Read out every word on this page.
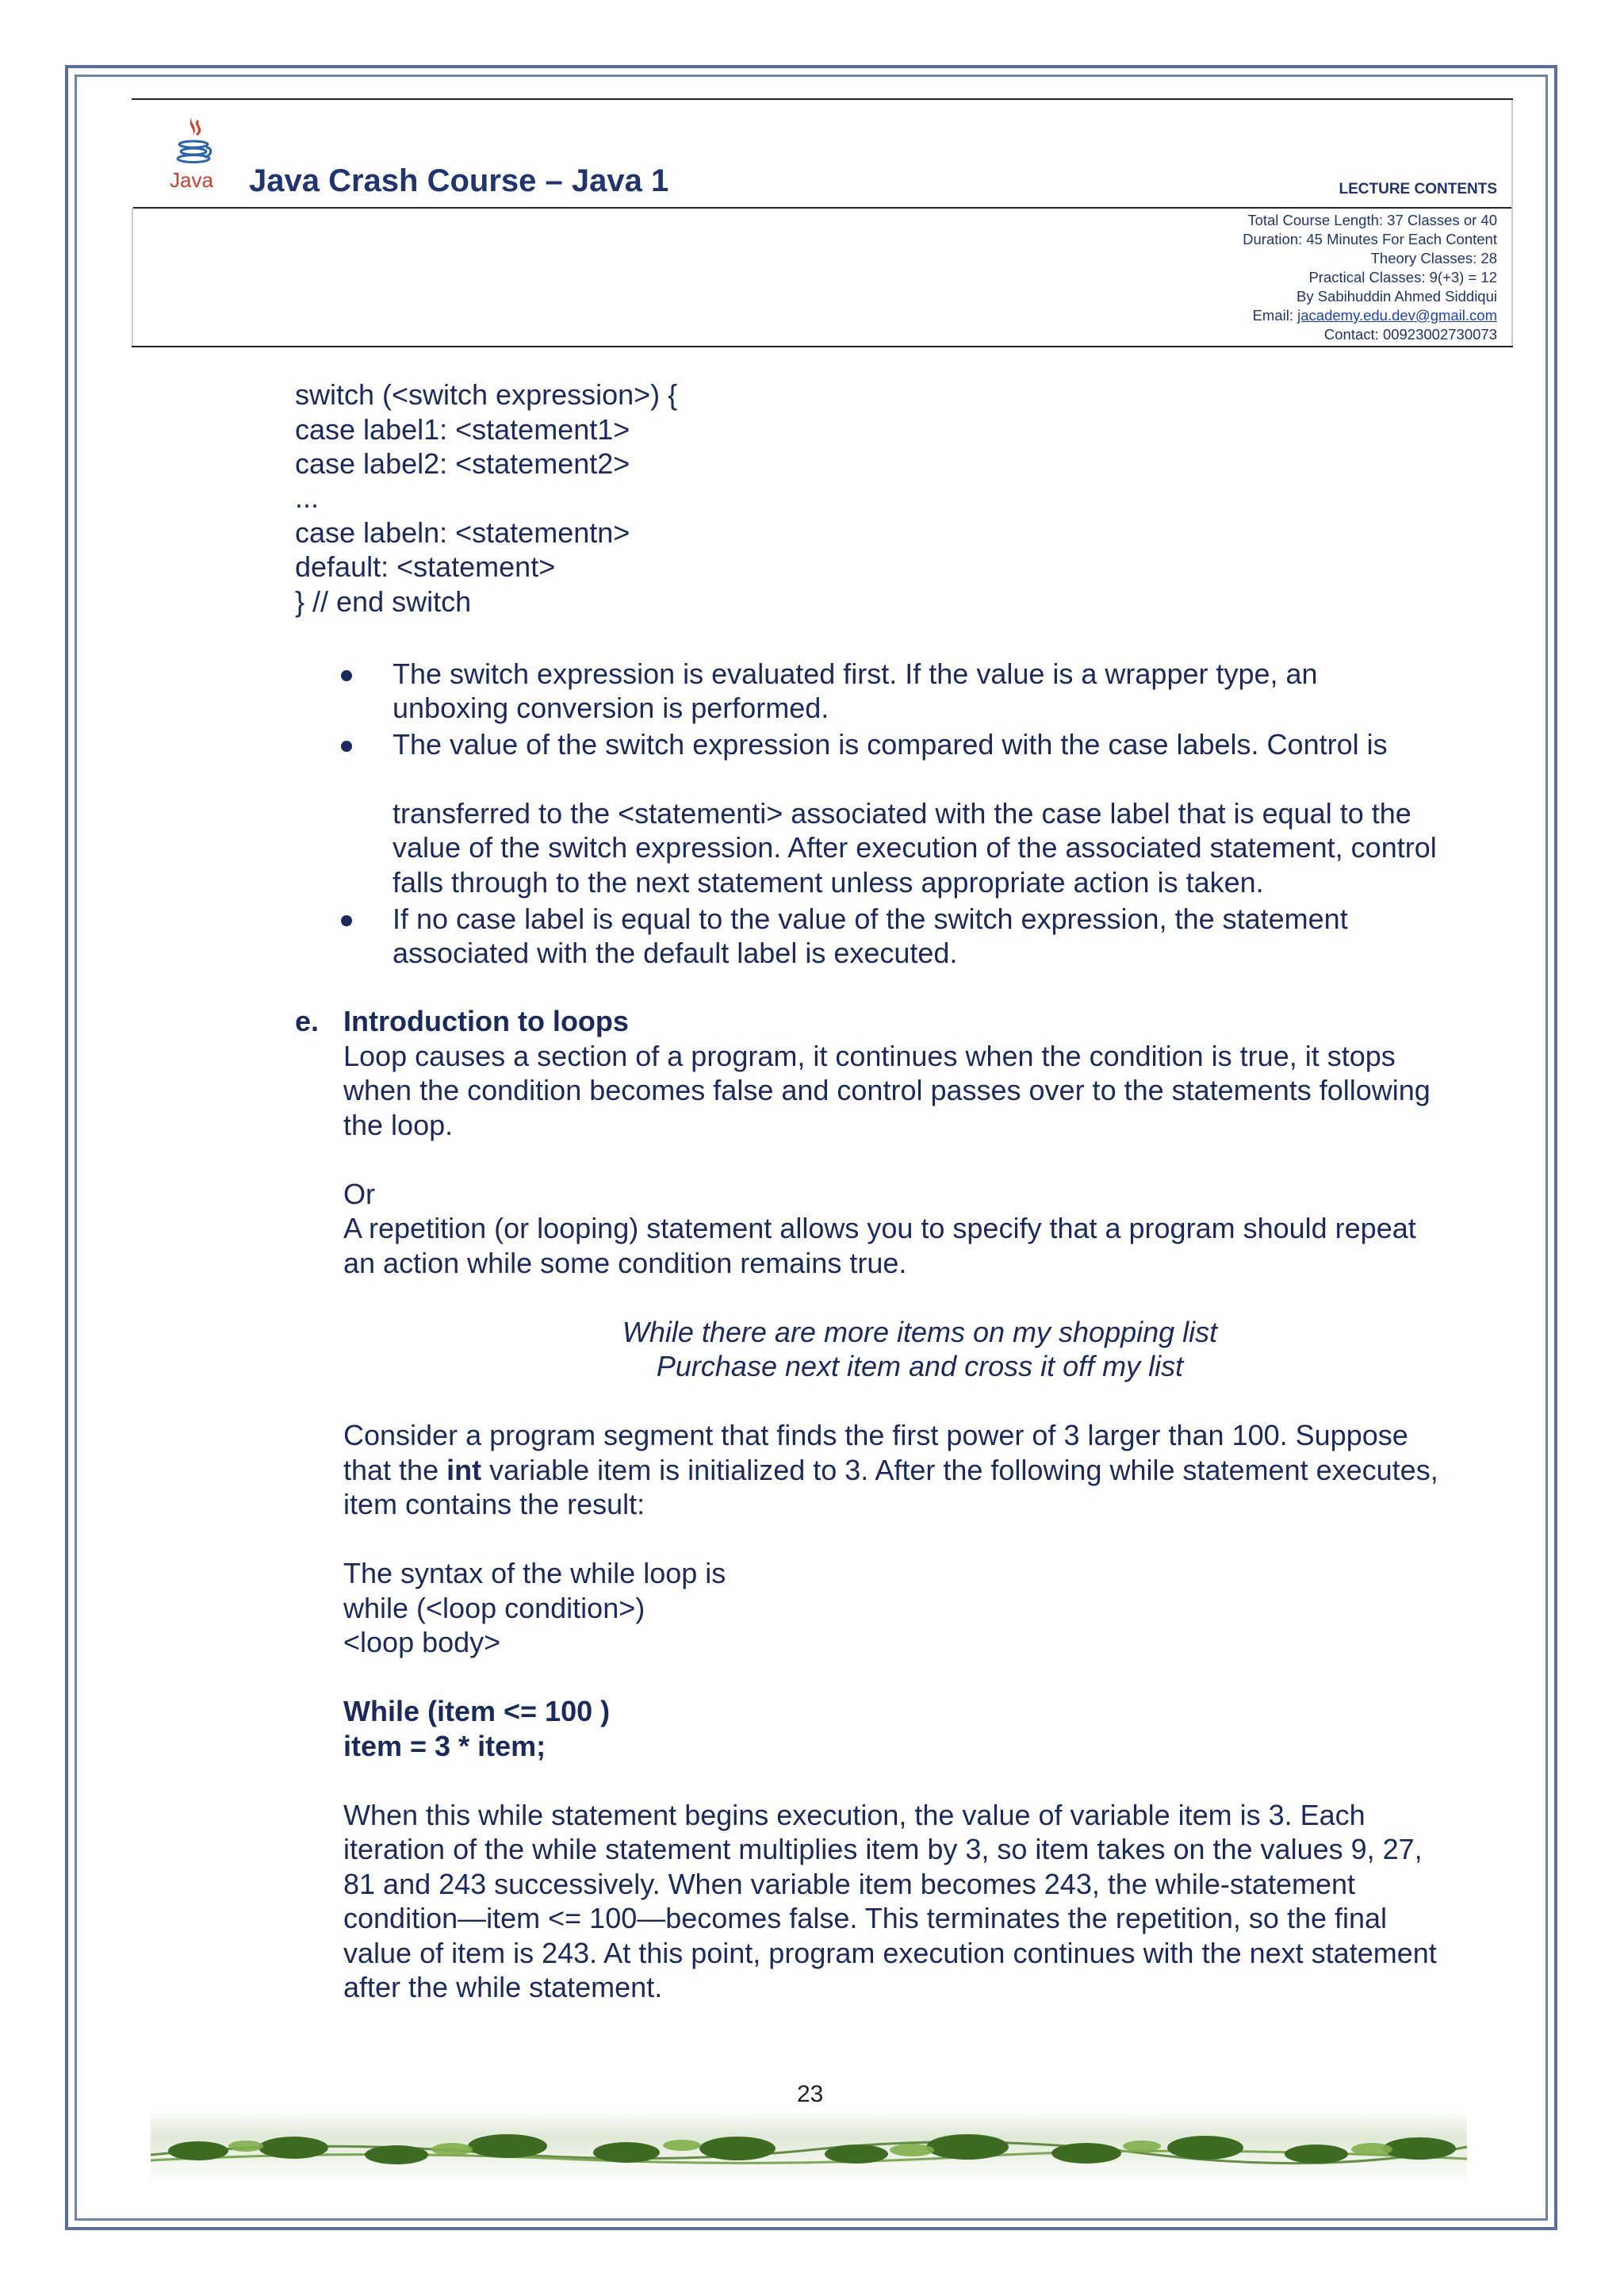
Java Java Crash Course – Java 1	LECTURE CONTENTS
Total Course Length: 37 Classes or 40
Duration: 45 Minutes For Each Content
Theory Classes: 28
Practical Classes: 9(+3) = 12
By Sabihuddin Ahmed Siddiqui
Email: jacademy.edu.dev@gmail.com
Contact: 00923002730073
switch (<switch expression>) {
case label1: <statement1>
case label2: <statement2>
...
case labeln: <statementn>
default: <statement>
} // end switch
The switch expression is evaluated first. If the value is a wrapper type, an
unboxing conversion is performed.
The value of the switch expression is compared with the case labels. Control is
transferred to the <statementi> associated with the case label that is equal to the
value of the switch expression. After execution of the associated statement, control
falls through to the next statement unless appropriate action is taken.
If no case label is equal to the value of the switch expression, the statement
associated with the default label is executed.
e. Introduction to loops
Loop causes a section of a program, it continues when the condition is true, it stops
when the condition becomes false and control passes over to the statements following
the loop.
Or
A repetition (or looping) statement allows you to specify that a program should repeat
an action while some condition remains true.
While there are more items on my shopping list
Purchase next item and cross it off my list
Consider a program segment that finds the first power of 3 larger than 100. Suppose
that the int variable item is initialized to 3. After the following while statement executes,
item contains the result:
The syntax of the while loop is
while (<loop condition>)
<loop body>
While (item <= 100 )
item = 3 * item;
When this while statement begins execution, the value of variable item is 3. Each
iteration of the while statement multiplies item by 3, so item takes on the values 9, 27,
81 and 243 successively. When variable item becomes 243, the while-statement
condition—item <= 100—becomes false. This terminates the repetition, so the final
value of item is 243. At this point, program execution continues with the next statement
after the while statement.
23
